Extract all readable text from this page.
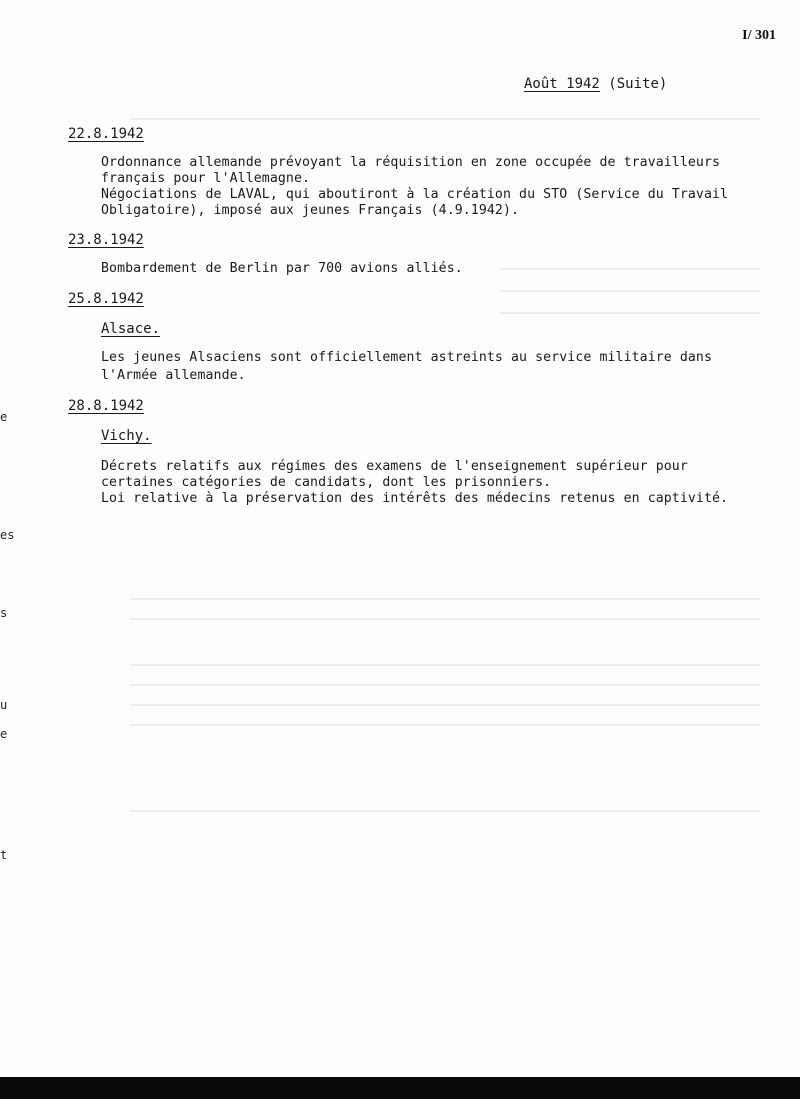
I/ 301
Août 1942 (Suite)
22.8.1942
Ordonnance allemande prévoyant la réquisition en zone occupée de travailleurs
français pour l'Allemagne.
Négociations de LAVAL, qui aboutiront à la création du STO (Service du Travail
Obligatoire), imposé aux jeunes Français (4.9.1942).
23.8.1942
Bombardement de Berlin par 700 avions alliés.
25.8.1942
Alsace.
Les jeunes Alsaciens sont officiellement astreints au service militaire dans
l'Armée allemande.
28.8.1942
Vichy.
Décrets relatifs aux régimes des examens de l'enseignement supérieur pour
certaines catégories de candidats, dont les prisonniers.
Loi relative à la préservation des intérêts des médecins retenus en captivité.
e
es
s
u
e
t
